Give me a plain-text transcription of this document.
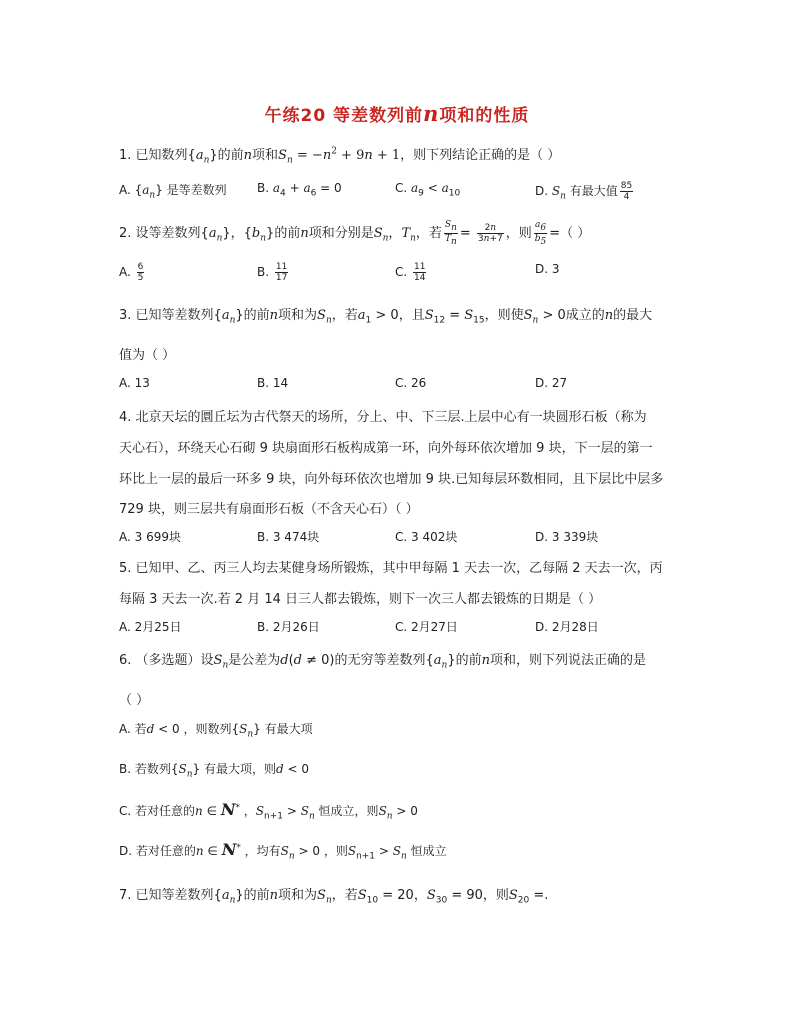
午练20 等差数列前n项和的性质
1. 已知数列$\{a_n\}$的前n项和$S_n = -n^2 + 9n + 1$，则下列结论正确的是（ ）
A. $\{a_n\}$ 是等差数列	B. $a_4 + a_6 = 0$	C. $a_9 < a_{10}$	D. $S_n$ 有最大值 $\frac{85}{4}$
2. 设等差数列$\{a_n\}$，$\{b_n\}$的前n项和分别是$S_n$，$T_n$，若 $\frac{S_n}{T_n} = \frac{2n}{3n+7}$ ，则 $\frac{a_6}{b_5}$ =（ ）
A. $\frac{6}{5}$	B. $\frac{11}{17}$	C. $\frac{11}{14}$	D. 3
3. 已知等差数列$\{a_n\}$的前n项和为$S_n$，若$a_1 > 0$，且$S_{12} = S_{15}$，则使$S_n > 0$成立的n的最大
值为（ ）
A. 13	B. 14	C. 26	D. 27
4. 北京天坛的圜丘坛为古代祭天的场所，分上、中、下三层.上层中心有一块圆形石板（称为
天心石），环绕天心石砌 9 块扇面形石板构成第一环，向外每环依次增加 9 块，下一层的第一
环比上一层的最后一环多 9 块，向外每环依次也增加 9 块.已知每层环数相同，且下层比中层多
729 块，则三层共有扇面形石板（不含天心石）（ ）
A. 3 699块	B. 3 474块	C. 3 402块	D. 3 339块
5. 已知甲、乙、丙三人均去某健身场所锻炼，其中甲每隔 1 天去一次，乙每隔 2 天去一次，丙
每隔 3 天去一次.若 2 月 14 日三人都去锻炼，则下一次三人都去锻炼的日期是（ ）
A. 2月25日	B. 2月26日	C. 2月27日	D. 2月28日
6. （多选题）设$S_n$是公差为d(d ≠ 0)的无穷等差数列$\{a_n\}$的前n项和，则下列说法正确的是
（ ）
A. 若d < 0 ，则数列$\{S_n\}$ 有最大项
B. 若数列$\{S_n\}$ 有最大项，则d < 0
C. 若对任意的n ∈ N* ，$S_{n+1} > S_n$ 恒成立，则$S_n > 0$
D. 若对任意的n ∈ N* ，均有$S_n > 0$ ，则$S_{n+1} > S_n$ 恒成立
7. 已知等差数列$\{a_n\}$的前n项和为$S_n$，若$S_{10} = 20$，$S_{30} = 90$，则$S_{20}$ =.
